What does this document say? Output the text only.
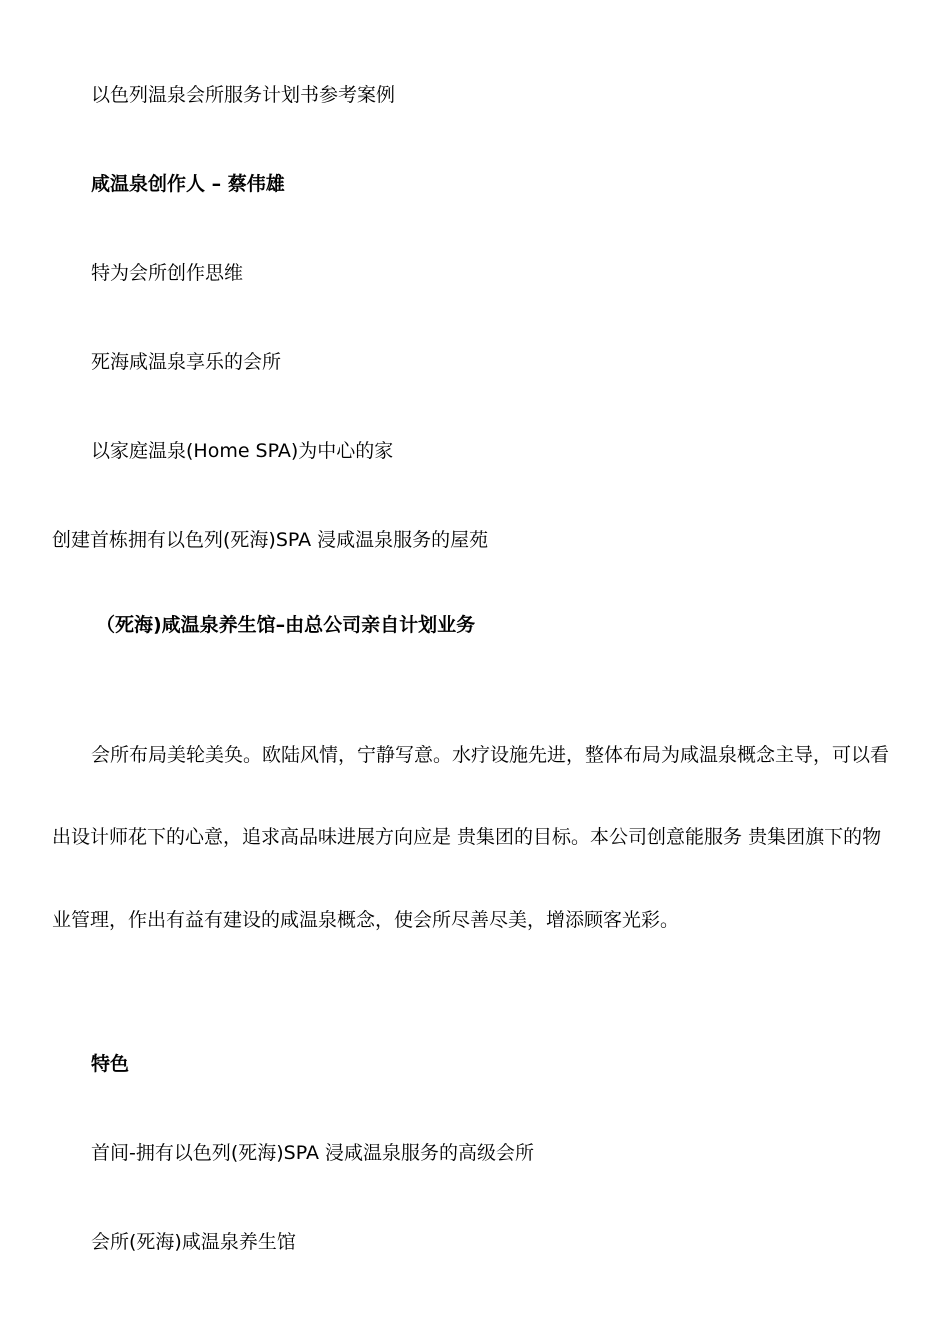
以色列温泉会所服务计划书参考案例
咸温泉创作人 – 蔡伟雄
特为会所创作思维
死海咸温泉享乐的会所
以家庭温泉(Home SPA)为中心的家
创建首栋拥有以色列(死海)SPA 浸咸温泉服务的屋苑
（死海)咸温泉养生馆–由总公司亲自计划业务
会所布局美轮美奂。欧陆风情，宁静写意。水疗设施先进，整体布局为咸温泉概念主导，可以看
出设计师花下的心意，追求高品味进展方向应是 贵集团的目标。本公司创意能服务 贵集团旗下的物
业管理，作出有益有建设的咸温泉概念，使会所尽善尽美，增添顾客光彩。
特色
首间-拥有以色列(死海)SPA 浸咸温泉服务的高级会所
会所(死海)咸温泉养生馆
